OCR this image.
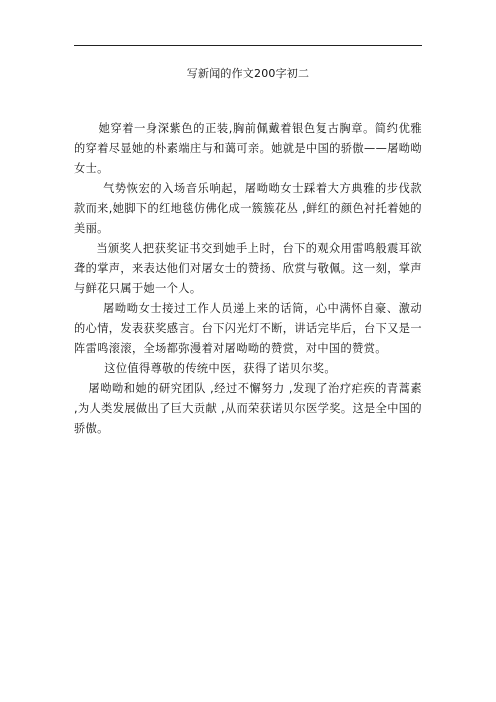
写新闻的作文200字初二

她穿着一身深紫色的正装,胸前佩戴着银色复古胸章。简约优雅的穿着尽显她的朴素端庄与和蔼可亲。她就是中国的骄傲——屠呦呦女士。

气势恢宏的入场音乐响起，屠呦呦女士踩着大方典雅的步伐款款而来,她脚下的红地毯仿佛化成一簇簇花丛 ,鲜红的颜色衬托着她的美丽。

当颁奖人把获奖证书交到她手上时，台下的观众用雷鸣般震耳欲聋的掌声，来表达他们对屠女士的赞扬、欣赏与敬佩。这一刻，掌声与鲜花只属于她一个人。

屠呦呦女士接过工作人员递上来的话筒，心中满怀自豪、激动的心情，发表获奖感言。台下闪光灯不断，讲话完毕后，台下又是一阵雷鸣滚滚，全场都弥漫着对屠呦呦的赞赏，对中国的赞赏。

这位值得尊敬的传统中医，获得了诺贝尔奖。

屠呦呦和她的研究团队 ,经过不懈努力 ,发现了治疗疟疾的青蒿素 ,为人类发展做出了巨大贡献 ,从而荣获诺贝尔医学奖。这是全中国的骄傲。
